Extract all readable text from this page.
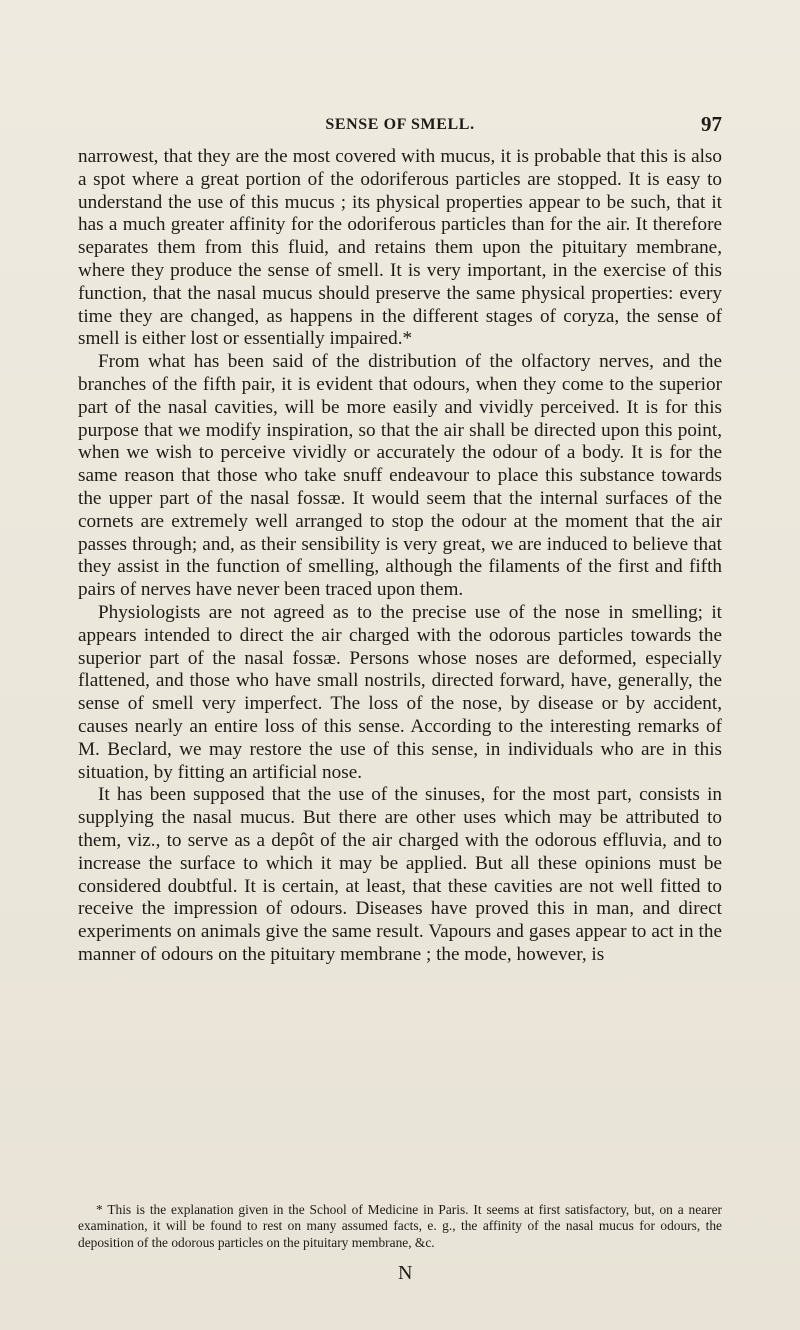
SENSE OF SMELL.	97

narrowest, that they are the most covered with mucus, it is probable that this is also a spot where a great portion of the odoriferous particles are stopped. It is easy to understand the use of this mucus ; its physical properties appear to be such, that it has a much greater affinity for the odoriferous particles than for the air. It therefore separates them from this fluid, and retains them upon the pituitary membrane, where they produce the sense of smell. It is very important, in the exercise of this function, that the nasal mucus should preserve the same physical properties: every time they are changed, as happens in the different stages of coryza, the sense of smell is either lost or essentially impaired.*

From what has been said of the distribution of the olfactory nerves, and the branches of the fifth pair, it is evident that odours, when they come to the superior part of the nasal cavities, will be more easily and vividly perceived. It is for this purpose that we modify inspiration, so that the air shall be directed upon this point, when we wish to perceive vividly or accurately the odour of a body. It is for the same reason that those who take snuff endeavour to place this substance towards the upper part of the nasal fossæ. It would seem that the internal surfaces of the cornets are extremely well arranged to stop the odour at the moment that the air passes through; and, as their sensibility is very great, we are induced to believe that they assist in the function of smelling, although the filaments of the first and fifth pairs of nerves have never been traced upon them.

Physiologists are not agreed as to the precise use of the nose in smelling; it appears intended to direct the air charged with the odorous particles towards the superior part of the nasal fossæ. Persons whose noses are deformed, especially flattened, and those who have small nostrils, directed forward, have, generally, the sense of smell very imperfect. The loss of the nose, by disease or by accident, causes nearly an entire loss of this sense. According to the interesting remarks of M. Beclard, we may restore the use of this sense, in individuals who are in this situation, by fitting an artificial nose.

It has been supposed that the use of the sinuses, for the most part, consists in supplying the nasal mucus. But there are other uses which may be attributed to them, viz., to serve as a depôt of the air charged with the odorous effluvia, and to increase the surface to which it may be applied. But all these opinions must be considered doubtful. It is certain, at least, that these cavities are not well fitted to receive the impression of odours. Diseases have proved this in man, and direct experiments on animals give the same result. Vapours and gases appear to act in the manner of odours on the pituitary membrane ; the mode, however, is

* This is the explanation given in the School of Medicine in Paris. It seems at first satisfactory, but, on a nearer examination, it will be found to rest on many assumed facts, e. g., the affinity of the nasal mucus for odours, the deposition of the odorous particles on the pituitary membrane, &c.

N
